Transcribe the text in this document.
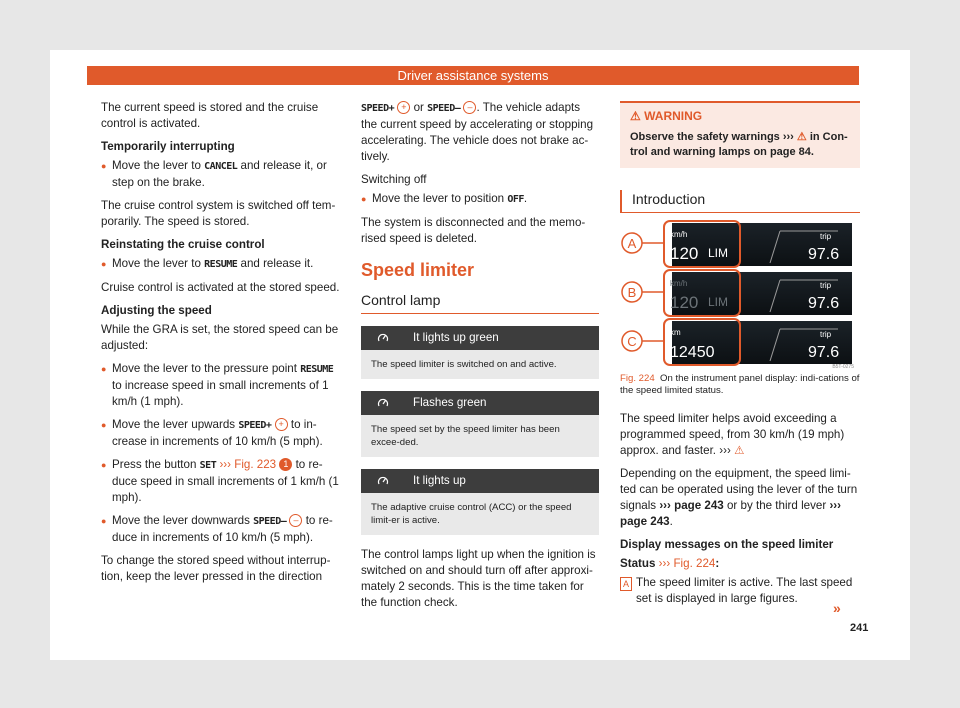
Driver assistance systems

The current speed is stored and the cruise control is activated.

Temporarily interrupting

● Move the lever to CANCEL and release it, or step on the brake.

The cruise control system is switched off tem-porarily. The speed is stored.

Reinstating the cruise control

● Move the lever to RESUME and release it.

Cruise control is activated at the stored speed.

Adjusting the speed

While the GRA is set, the stored speed can be adjusted:

● Move the lever to the pressure point RESUME to increase speed in small increments of 1 km/h (1 mph).
● Move the lever upwards SPEED+ + to in-crease in increments of 10 km/h (5 mph).
● Press the button SET ››› Fig. 223 1 to re-duce speed in small increments of 1 km/h (1 mph).
● Move the lever downwards SPEED– – to re-duce in increments of 10 km/h (5 mph).

To change the stored speed without interrup-tion, keep the lever pressed in the direction

SPEED+ + or SPEED– – . The vehicle adapts the current speed by accelerating or stopping accelerating. The vehicle does not brake ac-tively.

Switching off

● Move the lever to position OFF.

The system is disconnected and the memo-rised speed is deleted.

Speed limiter
Control lamp
It lights up green
The speed limiter is switched on and active.
Flashes green
The speed set by the speed limiter has been excee-ded.
It lights up
The adaptive cruise control (ACC) or the speed limit-er is active.

The control lamps light up when the ignition is switched on and should turn off after approxi-mately 2 seconds. This is the time taken for the function check.

⚠ WARNING
Observe the safety warnings ››› ⚠ in Con-trol and warning lamps on page 84.
Introduction
A
km/h
120 LIM
trip
97.6
B
km/h
120 LIM
trip
97.6
C
km
12450
trip
97.6
B5T-0275
Fig. 224 On the instrument panel display: indi-cations of the speed limited status.

The speed limiter helps avoid exceeding a programmed speed, from 30 km/h (19 mph) approx. and faster. ››› ⚠

Depending on the equipment, the speed limi-ted can be operated using the lever of the turn signals ››› page 243 or by the third lever ››› page 243.

Display messages on the speed limiter

Status ››› Fig. 224:

A The speed limiter is active. The last speed set is displayed in large figures.
»
241
